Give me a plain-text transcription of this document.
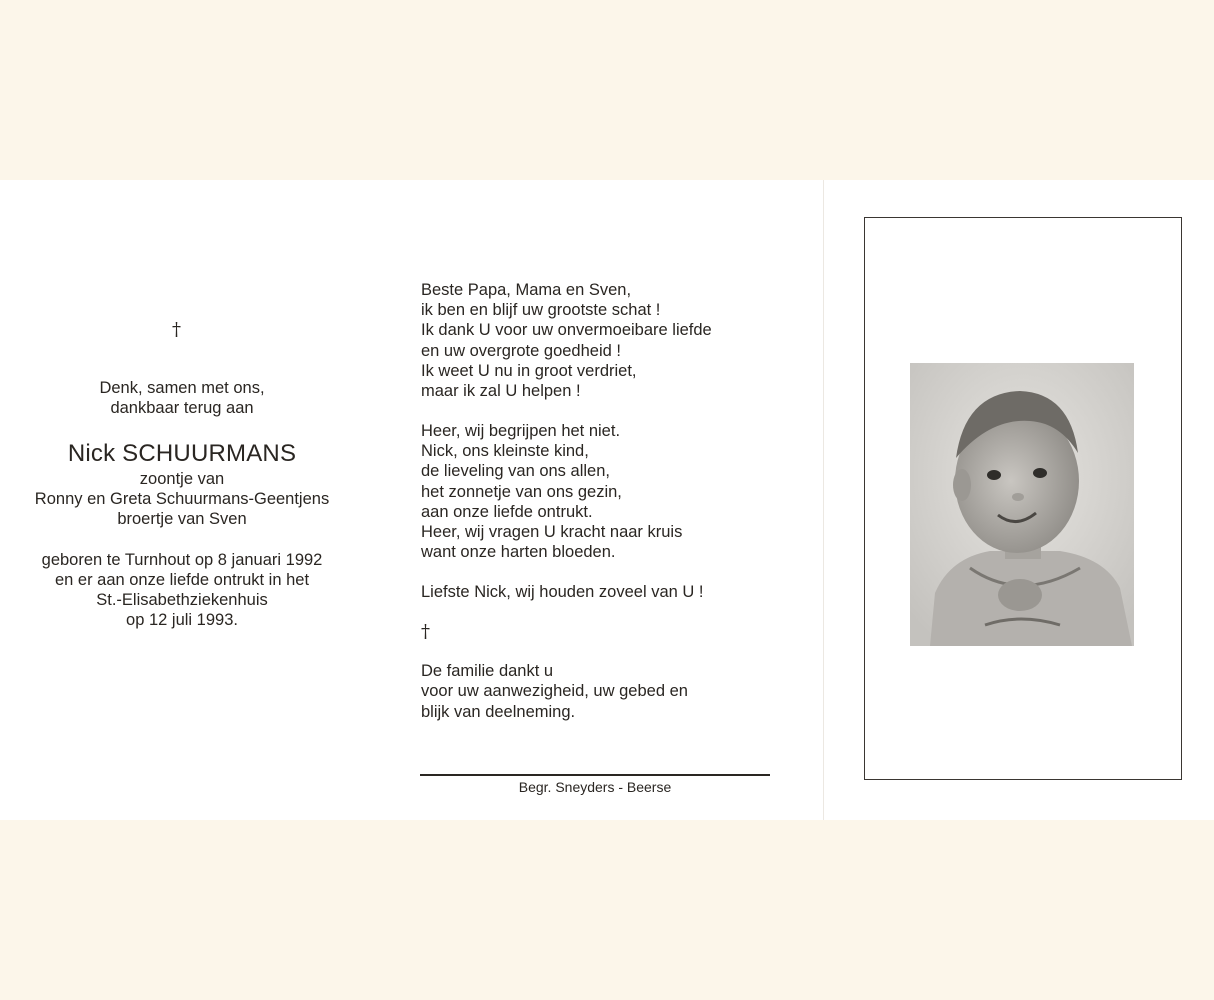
†
Denk, samen met ons,
dankbaar terug aan
Nick SCHUURMANS
zoontje van
Ronny en Greta Schuurmans-Geentjens
broertje van Sven
geboren te Turnhout op 8 januari 1992
en er aan onze liefde ontrukt in het
St.-Elisabethziekenhuis
op 12 juli 1993.

Beste Papa, Mama en Sven,
ik ben en blijf uw grootste schat !
Ik dank U voor uw onvermoeibare liefde
en uw overgrote goedheid !
Ik weet U nu in groot verdriet,
maar ik zal U helpen !

Heer, wij begrijpen het niet.
Nick, ons kleinste kind,
de lieveling van ons allen,
het zonnetje van ons gezin,
aan onze liefde ontrukt.
Heer, wij vragen U kracht naar kruis
want onze harten bloeden.

Liefste Nick, wij houden zoveel van U !

†

De familie dankt u
voor uw aanwezigheid, uw gebed en
blijk van deelneming.

Begr. Sneyders - Beerse
